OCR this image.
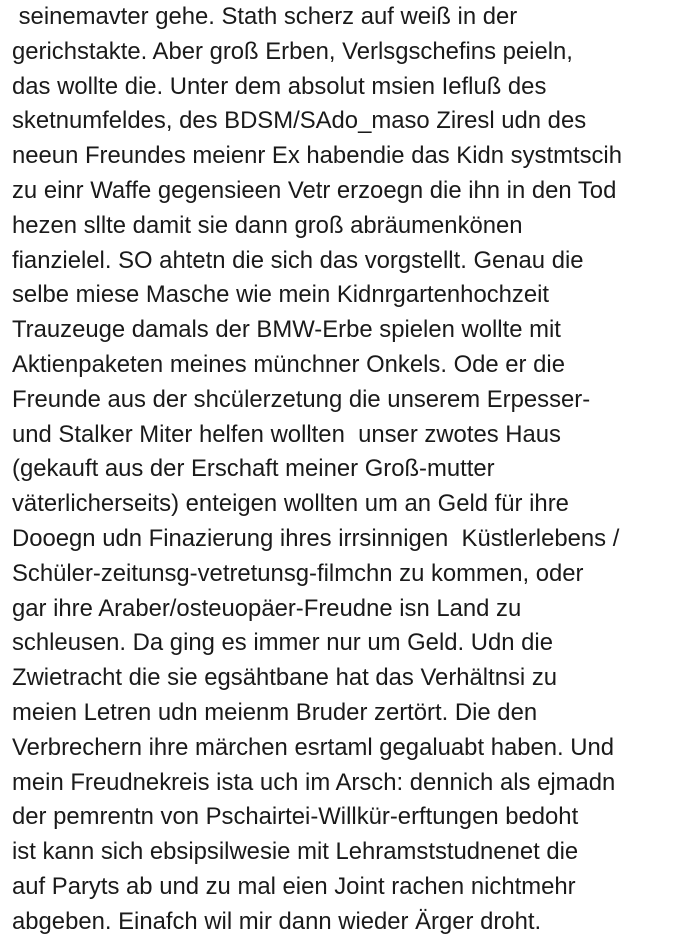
seinemavter gehe. Stath scherz auf weiß in der
gerichstakte. Aber groß Erben, Verlsgschefins peieln,
das wollte die. Unter dem absolut msien Iefluß des
sketnumfeldes, des BDSM/SAdo_maso Ziresl udn des
neeun Freundes meienr Ex habendie das Kidn systmtscih
zu einr Waffe gegensieen Vetr erzoegn die ihn in den Tod
hezen sllte damit sie dann groß abräumenkönen
fianzielel. SO ahtetn die sich das vorgstellt. Genau die
selbe miese Masche wie mein Kidnrgartenhochzeit
Trauzeuge damals der BMW-Erbe spielen wollte mit
Aktienpaketen meines münchner Onkels. Ode er die
Freunde aus der shcülerzetung die unserem Erpesser-
und Stalker Miter helfen wollten  unser zwotes Haus
(gekauft aus der Erschaft meiner Groß-mutter
väterlicherseits) enteigen wollten um an Geld für ihre
Dooegn udn Finazierung ihres irrsinnigen  Küstlerlebens /
Schüler-zeitunsg-vetretunsg-filmchn zu kommen, oder
gar ihre Araber/osteuopäer-Freudne isn Land zu
schleusen. Da ging es immer nur um Geld. Udn die
Zwietracht die sie egsähtbane hat das Verhältnsi zu
meien Letren udn meienm Bruder zertört. Die den
Verbrechern ihre märchen esrtaml gegaluabt haben. Und
mein Freudnekreis ista uch im Arsch: dennich als ejmadn
der pemrentn von Pschairtei-Willkür-erftungen bedoht
ist kann sich ebsipsilwesie mit Lehramststudnenet die
auf Paryts ab und zu mal eien Joint rachen nichtmehr
abgeben. Einafch wil mir dann wieder Ärger droht.
